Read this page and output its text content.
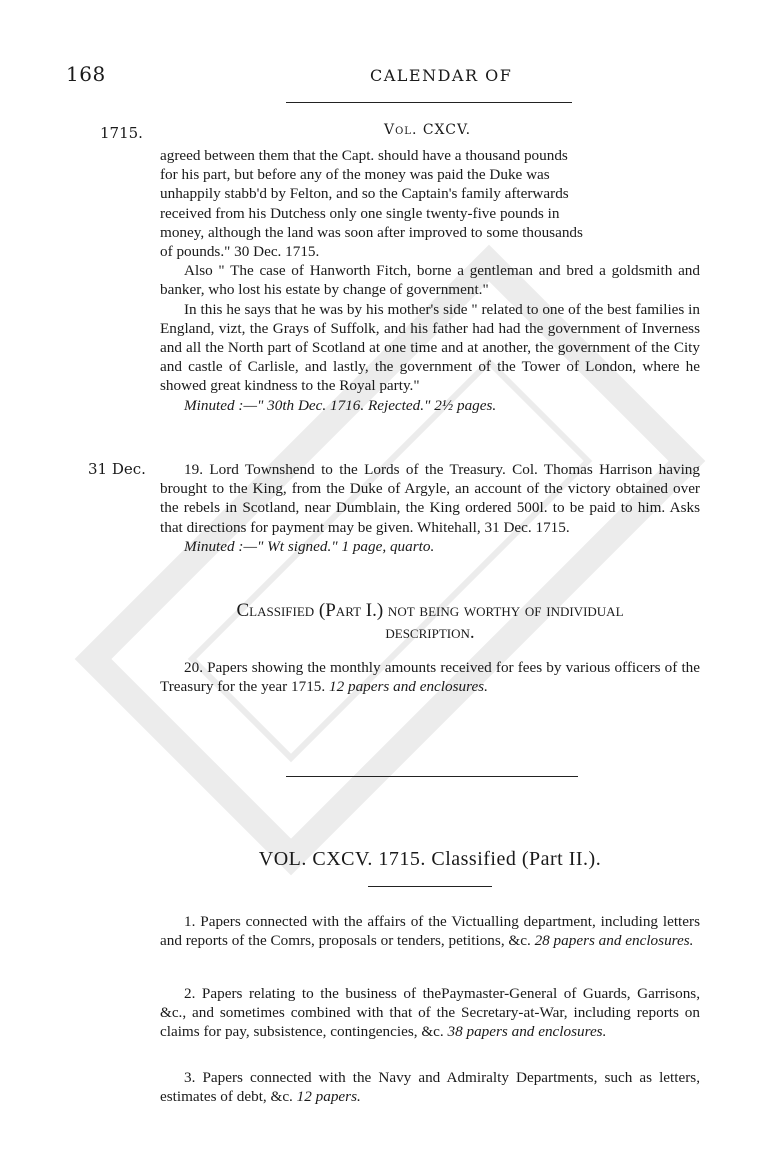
168	CALENDAR OF
1715.	Vol. CXCV.

agreed between them that the Capt. should have a thousand pounds

for his part, but before any of the money was paid the Duke was

unhappily stabb'd by Felton, and so the Captain's family afterwards

received from his Dutchess only one single twenty-five pounds in

money, although the land was soon after improved to some thousands

of pounds." 30 Dec. 1715.

Also " The case of Hanworth Fitch, borne a gentleman and bred a goldsmith and banker, who lost his estate by change of government."

In this he says that he was by his mother's side " related to one of the best families in England, vizt, the Grays of Suffolk, and his father had had the government of Inverness and all the North part of Scotland at one time and at another, the government of the City and castle of Carlisle, and lastly, the government of the Tower of London, where he showed great kindness to the Royal party."

Minuted :—" 30th Dec. 1716. Rejected." 2½ pages.

31 Dec.	19. Lord Townshend to the Lords of the Treasury. Col. Thomas Harrison having brought to the King, from the Duke of Argyle, an account of the victory obtained over the rebels in Scotland, near Dumblain, the King ordered 500l. to be paid to him. Asks that directions for payment may be given. Whitehall, 31 Dec. 1715.

Minuted :—" Wt signed." 1 page, quarto.

Classified (Part I.) not being worthy of individual
description.

20. Papers showing the monthly amounts received for fees by various officers of the Treasury for the year 1715. 12 papers and enclosures.

VOL. CXCV. 1715. Classified (Part II.).

1. Papers connected with the affairs of the Victualling department, including letters and reports of the Comrs, proposals or tenders, petitions, &c. 28 papers and enclosures.

2. Papers relating to the business of thePaymaster-General of Guards, Garrisons, &c., and sometimes combined with that of the Secretary-at-War, including reports on claims for pay, subsistence, contingencies, &c. 38 papers and enclosures.

3. Papers connected with the Navy and Admiralty Departments, such as letters, estimates of debt, &c. 12 papers.
